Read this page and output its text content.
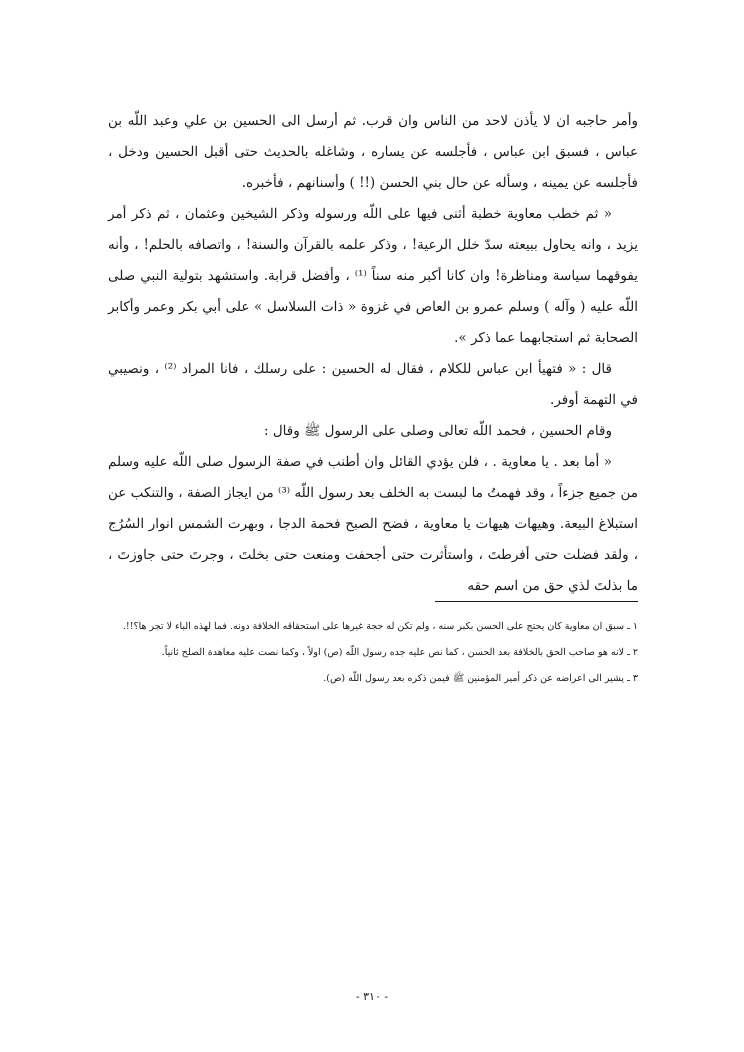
وأمر حاجبه ان لا يأذن لاحد من الناس وان قرب. ثم أرسل الى الحسين بن علي وعبد اللّه بن عباس ، فسبق ابن عباس ، فأجلسه عن يساره ، وشاغله بالحديث حتى أقبل الحسين ودخل ، فأجلسه عن يمينه ، وسأله عن حال بني الحسن (!! ) وأسنانهم ، فأخبره.

« ثم خطب معاوية خطبة أثنى فيها على اللّه ورسوله وذكر الشيخين وعثمان ، ثم ذكر أمر يزيد ، وانه يحاول ببيعته سدّ خلل الرعية! ، وذكر علمه بالقرآن والسنة! ، واتصافه بالحلم! ، وأنه يفوقهما سياسة ومناظرة! وان كانا أكبر منه سناً ⁽¹⁾ ، وأفضل قرابة. واستشهد بتولية النبي صلى اللّه عليه ( وآله ) وسلم عمرو بن العاص في غزوة « ذات السلاسل » على أبي بكر وعمر وأكابر الصحابة ثم استجابهما عما ذكر ».

قال : « فتهيأ ابن عباس للكلام ، فقال له الحسين : على رسلك ، فانا المراد ⁽²⁾ ، ونصيبي في التهمة أوفر.

وقام الحسين ، فحمد اللّه تعالى وصلى على الرسول ﷺ وقال :

« أما بعد . يا معاوية . ، فلن يؤدي القائل وان أطنب في صفة الرسول صلى اللّه عليه وسلم من جميع جزءاً ، وقد فهمتُ ما لبست به الخلف بعد رسول اللّه ⁽³⁾ من ايجاز الصفة ، والتنكب عن استبلاغ البيعة. وهيهات هيهات يا معاوية ، فضح الصبح فحمة الدجا ، وبهرت الشمس انوار السُرُج ، ولقد فضلت حتى أفرطتَ ، واستأثرت حتى أجحفت ومنعت حتى بخلتَ ، وجرتَ حتى جاوزتَ ، ما بذلتَ لذي حق من اسم حقه

١ ـ سبق ان معاوية كان يحتج على الحسن بكبر سنه ، ولم تكن له حجة غيرها على استحقاقه الخلافة دونه. فما لهذه الباء لا تجر ها؟!!.

٢ ـ لانه هو صاحب الحق بالخلافة بعد الحسن ، كما نص عليه جده رسول اللّه (ص) اولاً ، وكما نصت عليه معاهدة الصلح ثانياً.

٣ ـ يشير الى اعراضه عن ذكر أمير المؤمنين ﷺ فيمن ذكره بعد رسول اللّه (ص).

- ٣١٠ -
